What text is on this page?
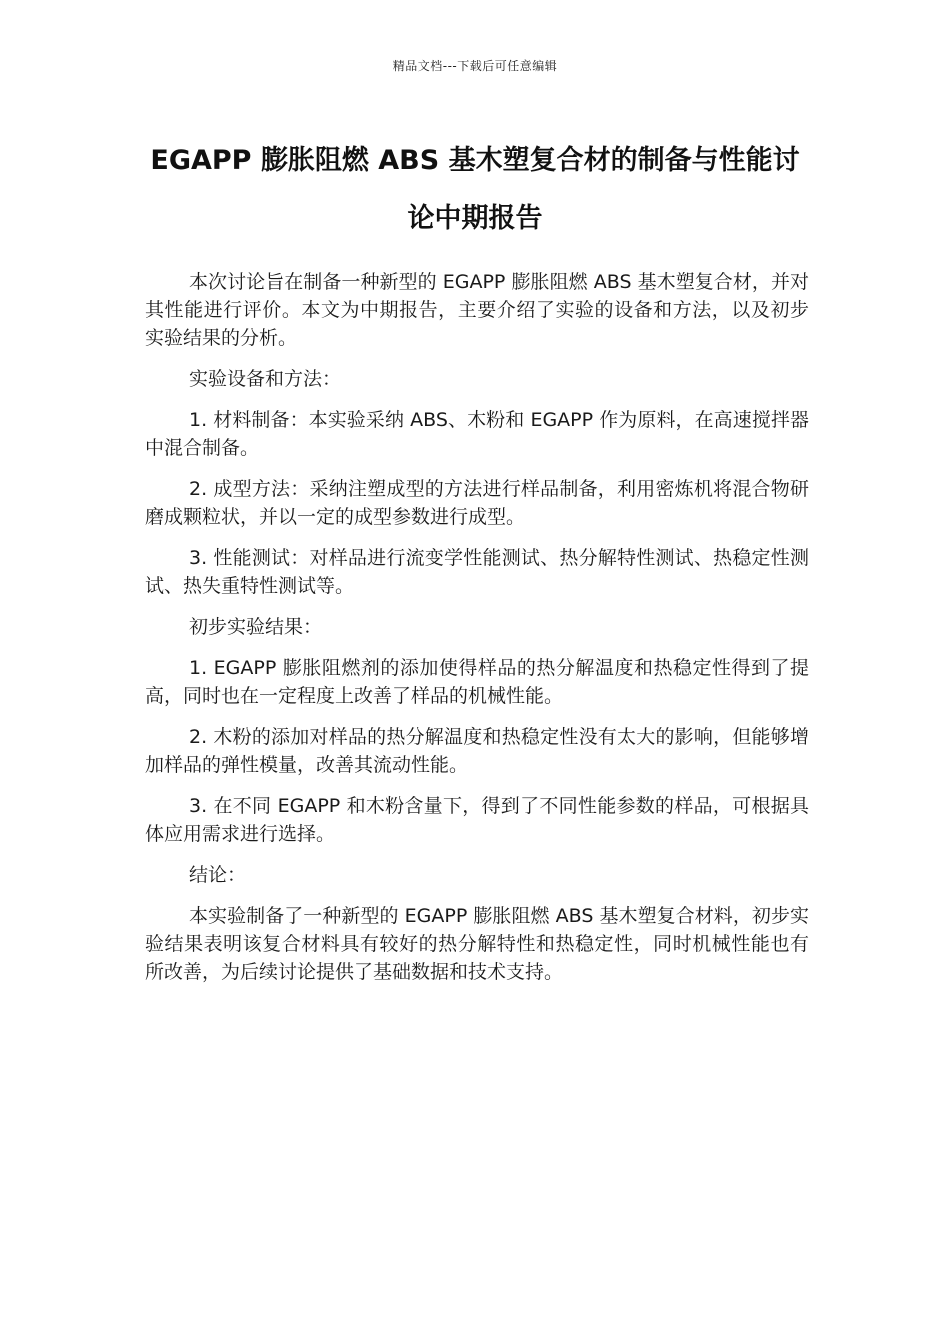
精品文档---下载后可任意编辑
EGAPP 膨胀阻燃 ABS 基木塑复合材的制备与性能讨论中期报告

本次讨论旨在制备一种新型的 EGAPP 膨胀阻燃 ABS 基木塑复合材，并对其性能进行评价。本文为中期报告，主要介绍了实验的设备和方法，以及初步实验结果的分析。

实验设备和方法：

1. 材料制备：本实验采纳 ABS、木粉和 EGAPP 作为原料，在高速搅拌器中混合制备。

2. 成型方法：采纳注塑成型的方法进行样品制备，利用密炼机将混合物研磨成颗粒状，并以一定的成型参数进行成型。

3. 性能测试：对样品进行流变学性能测试、热分解特性测试、热稳定性测试、热失重特性测试等。

初步实验结果：

1. EGAPP 膨胀阻燃剂的添加使得样品的热分解温度和热稳定性得到了提高，同时也在一定程度上改善了样品的机械性能。

2. 木粉的添加对样品的热分解温度和热稳定性没有太大的影响，但能够增加样品的弹性模量，改善其流动性能。

3. 在不同 EGAPP 和木粉含量下，得到了不同性能参数的样品，可根据具体应用需求进行选择。

结论：

本实验制备了一种新型的 EGAPP 膨胀阻燃 ABS 基木塑复合材料，初步实验结果表明该复合材料具有较好的热分解特性和热稳定性，同时机械性能也有所改善，为后续讨论提供了基础数据和技术支持。
